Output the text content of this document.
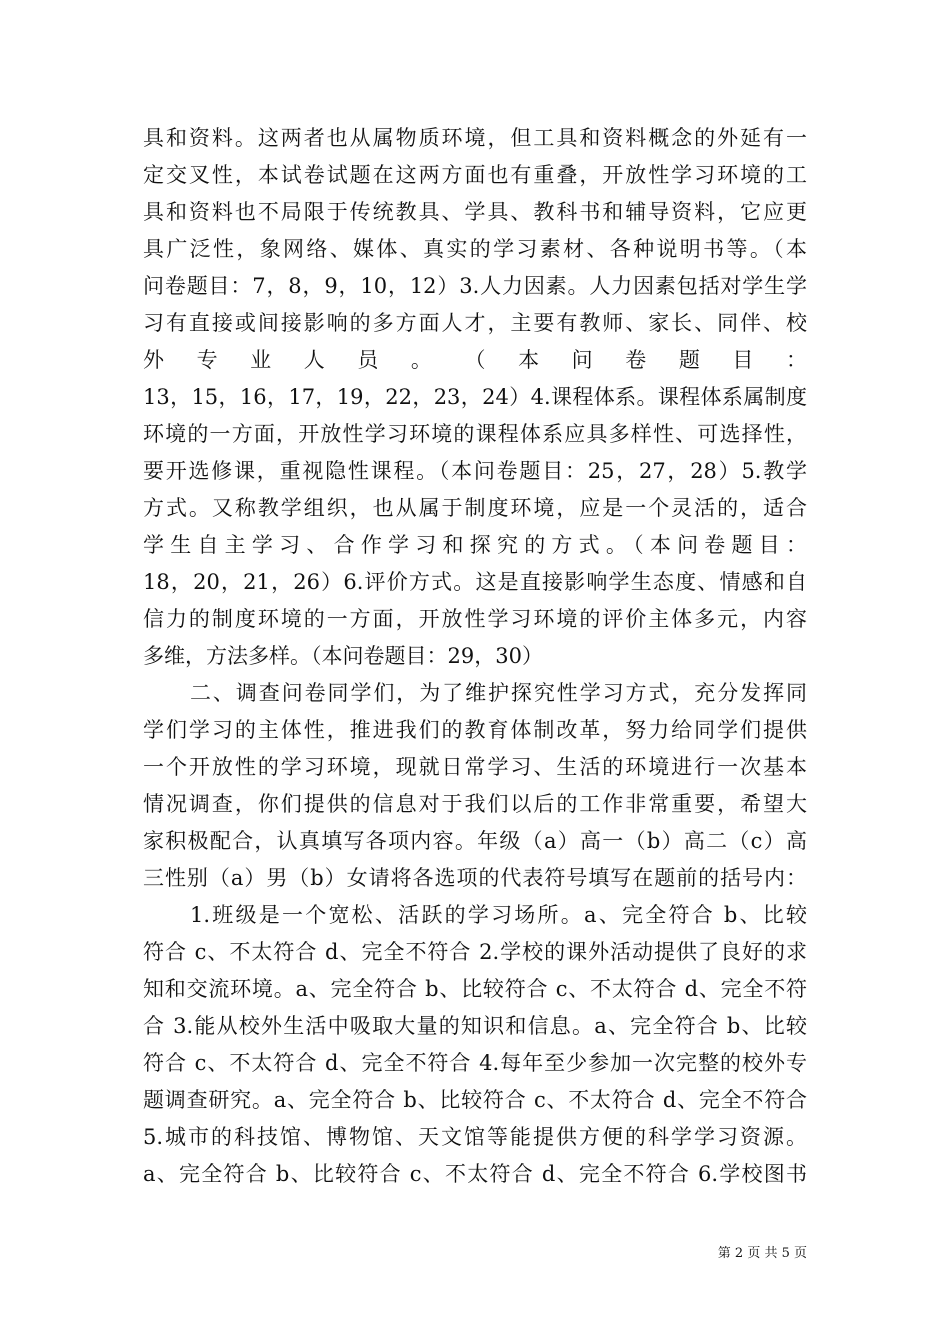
具和资料。这两者也从属物质环境，但工具和资料概念的外延有一
定交叉性，本试卷试题在这两方面也有重叠，开放性学习环境的工
具和资料也不局限于传统教具、学具、教科书和辅导资料，它应更
具广泛性，象网络、媒体、真实的学习素材、各种说明书等。（本
问卷题目：7，8，9，10，12）3.人力因素。人力因素包括对学生学
习有直接或间接影响的多方面人才，主要有教师、家长、同伴、校
外 专 业 人 员 。 （ 本 问 卷 题 目 ：
13，15，16，17，19，22，23，24）4.课程体系。课程体系属制度
环境的一方面，开放性学习环境的课程体系应具多样性、可选择性，
要开选修课，重视隐性课程。（本问卷题目：25，27，28）5.教学
方式。又称教学组织，也从属于制度环境，应是一个灵活的，适合
学生自主学习、合作学习和探究的方式。（本问卷题目：
18，20，21，26）6.评价方式。这是直接影响学生态度、情感和自
信力的制度环境的一方面，开放性学习环境的评价主体多元，内容
多维，方法多样。（本问卷题目：29，30）
二、调查问卷同学们，为了维护探究性学习方式，充分发挥同
学们学习的主体性，推进我们的教育体制改革，努力给同学们提供
一个开放性的学习环境，现就日常学习、生活的环境进行一次基本
情况调查，你们提供的信息对于我们以后的工作非常重要，希望大
家积极配合，认真填写各项内容。年级（a）高一（b）高二（c）高
三性别（a）男（b）女请将各选项的代表符号填写在题前的括号内：
1.班级是一个宽松、活跃的学习场所。a、完全符合 b、比较
符合 c、不太符合 d、完全不符合 2.学校的课外活动提供了良好的求
知和交流环境。a、完全符合 b、比较符合 c、不太符合 d、完全不符
合 3.能从校外生活中吸取大量的知识和信息。a、完全符合 b、比较
符合 c、不太符合 d、完全不符合 4.每年至少参加一次完整的校外专
题调查研究。a、完全符合 b、比较符合 c、不太符合 d、完全不符合
5.城市的科技馆、博物馆、天文馆等能提供方便的科学学习资源。
a、完全符合 b、比较符合 c、不太符合 d、完全不符合 6.学校图书
第 2 页 共 5 页
